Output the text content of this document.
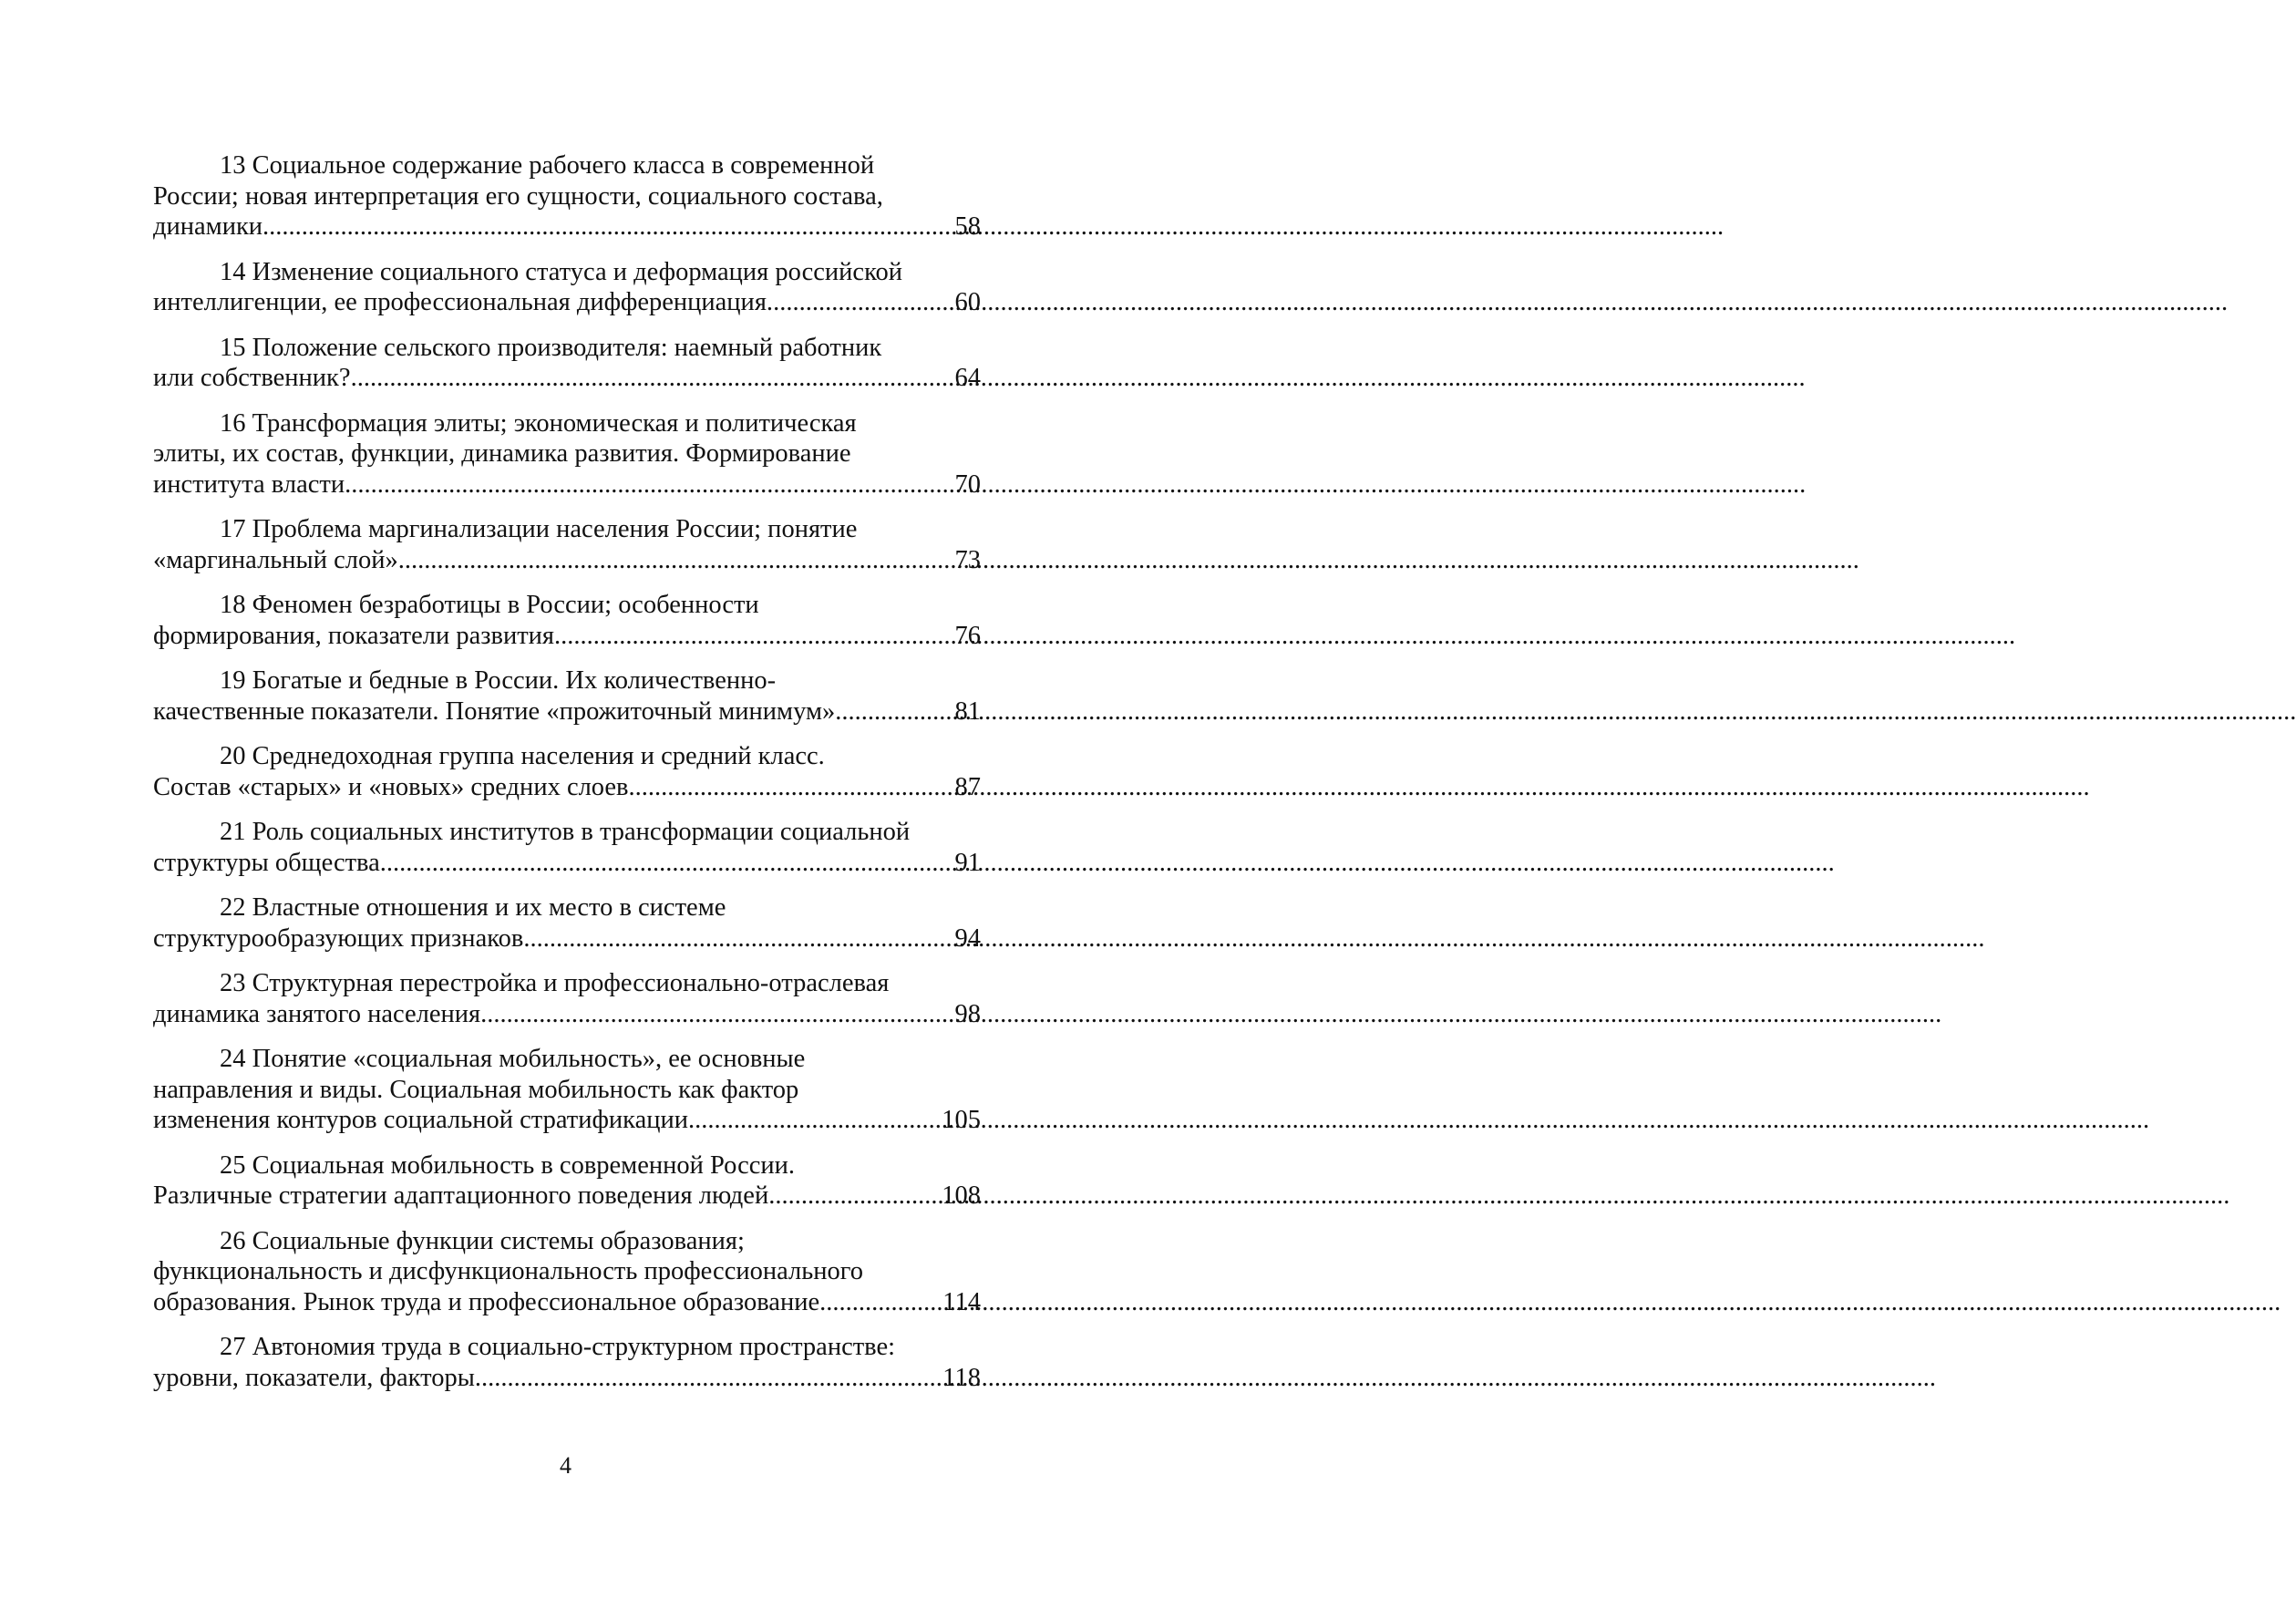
13 Социальное содержание рабочего класса в современной
России; новая интерпретация его сущности, социального состава,
динамики. .....	58
14 Изменение социального статуса и деформация российской
интеллигенции, ее профессиональная дифференциация. .....	60
15 Положение сельского производителя: наемный работник
или собственник? .....	64
16 Трансформация элиты; экономическая и политическая
элиты, их состав, функции, динамика развития. Формирование
института власти. .....	70
17 Проблема маргинализации населения России; понятие
«маргинальный слой». .....	73
18 Феномен безработицы в России; особенности
формирования, показатели развития. .....	76
19 Богатые и бедные в России. Их количественно-
качественные показатели. Понятие «прожиточный минимум». .....	81
20 Среднедоходная группа населения и средний класс.
Состав «старых» и «новых» средних слоев. .....	87
21 Роль социальных институтов в трансформации социальной
структуры общества .....	91
22 Властные отношения и их место в системе
структурообразующих признаков. .....	94
23 Структурная перестройка и профессионально-отраслевая
динамика занятого населения. .....	98
24 Понятие «социальная мобильность», ее основные
направления и виды. Социальная мобильность как фактор
изменения контуров социальной стратификации. .....	105
25 Социальная мобильность в современной России.
Различные стратегии адаптационного поведения людей. .....	108
26 Социальные функции системы образования;
функциональность и дисфункциональность профессионального
образования. Рынок труда и профессиональное образование. .....	114
27 Автономия труда в социально-структурном пространстве:
уровни, показатели, факторы. .....	118
4
